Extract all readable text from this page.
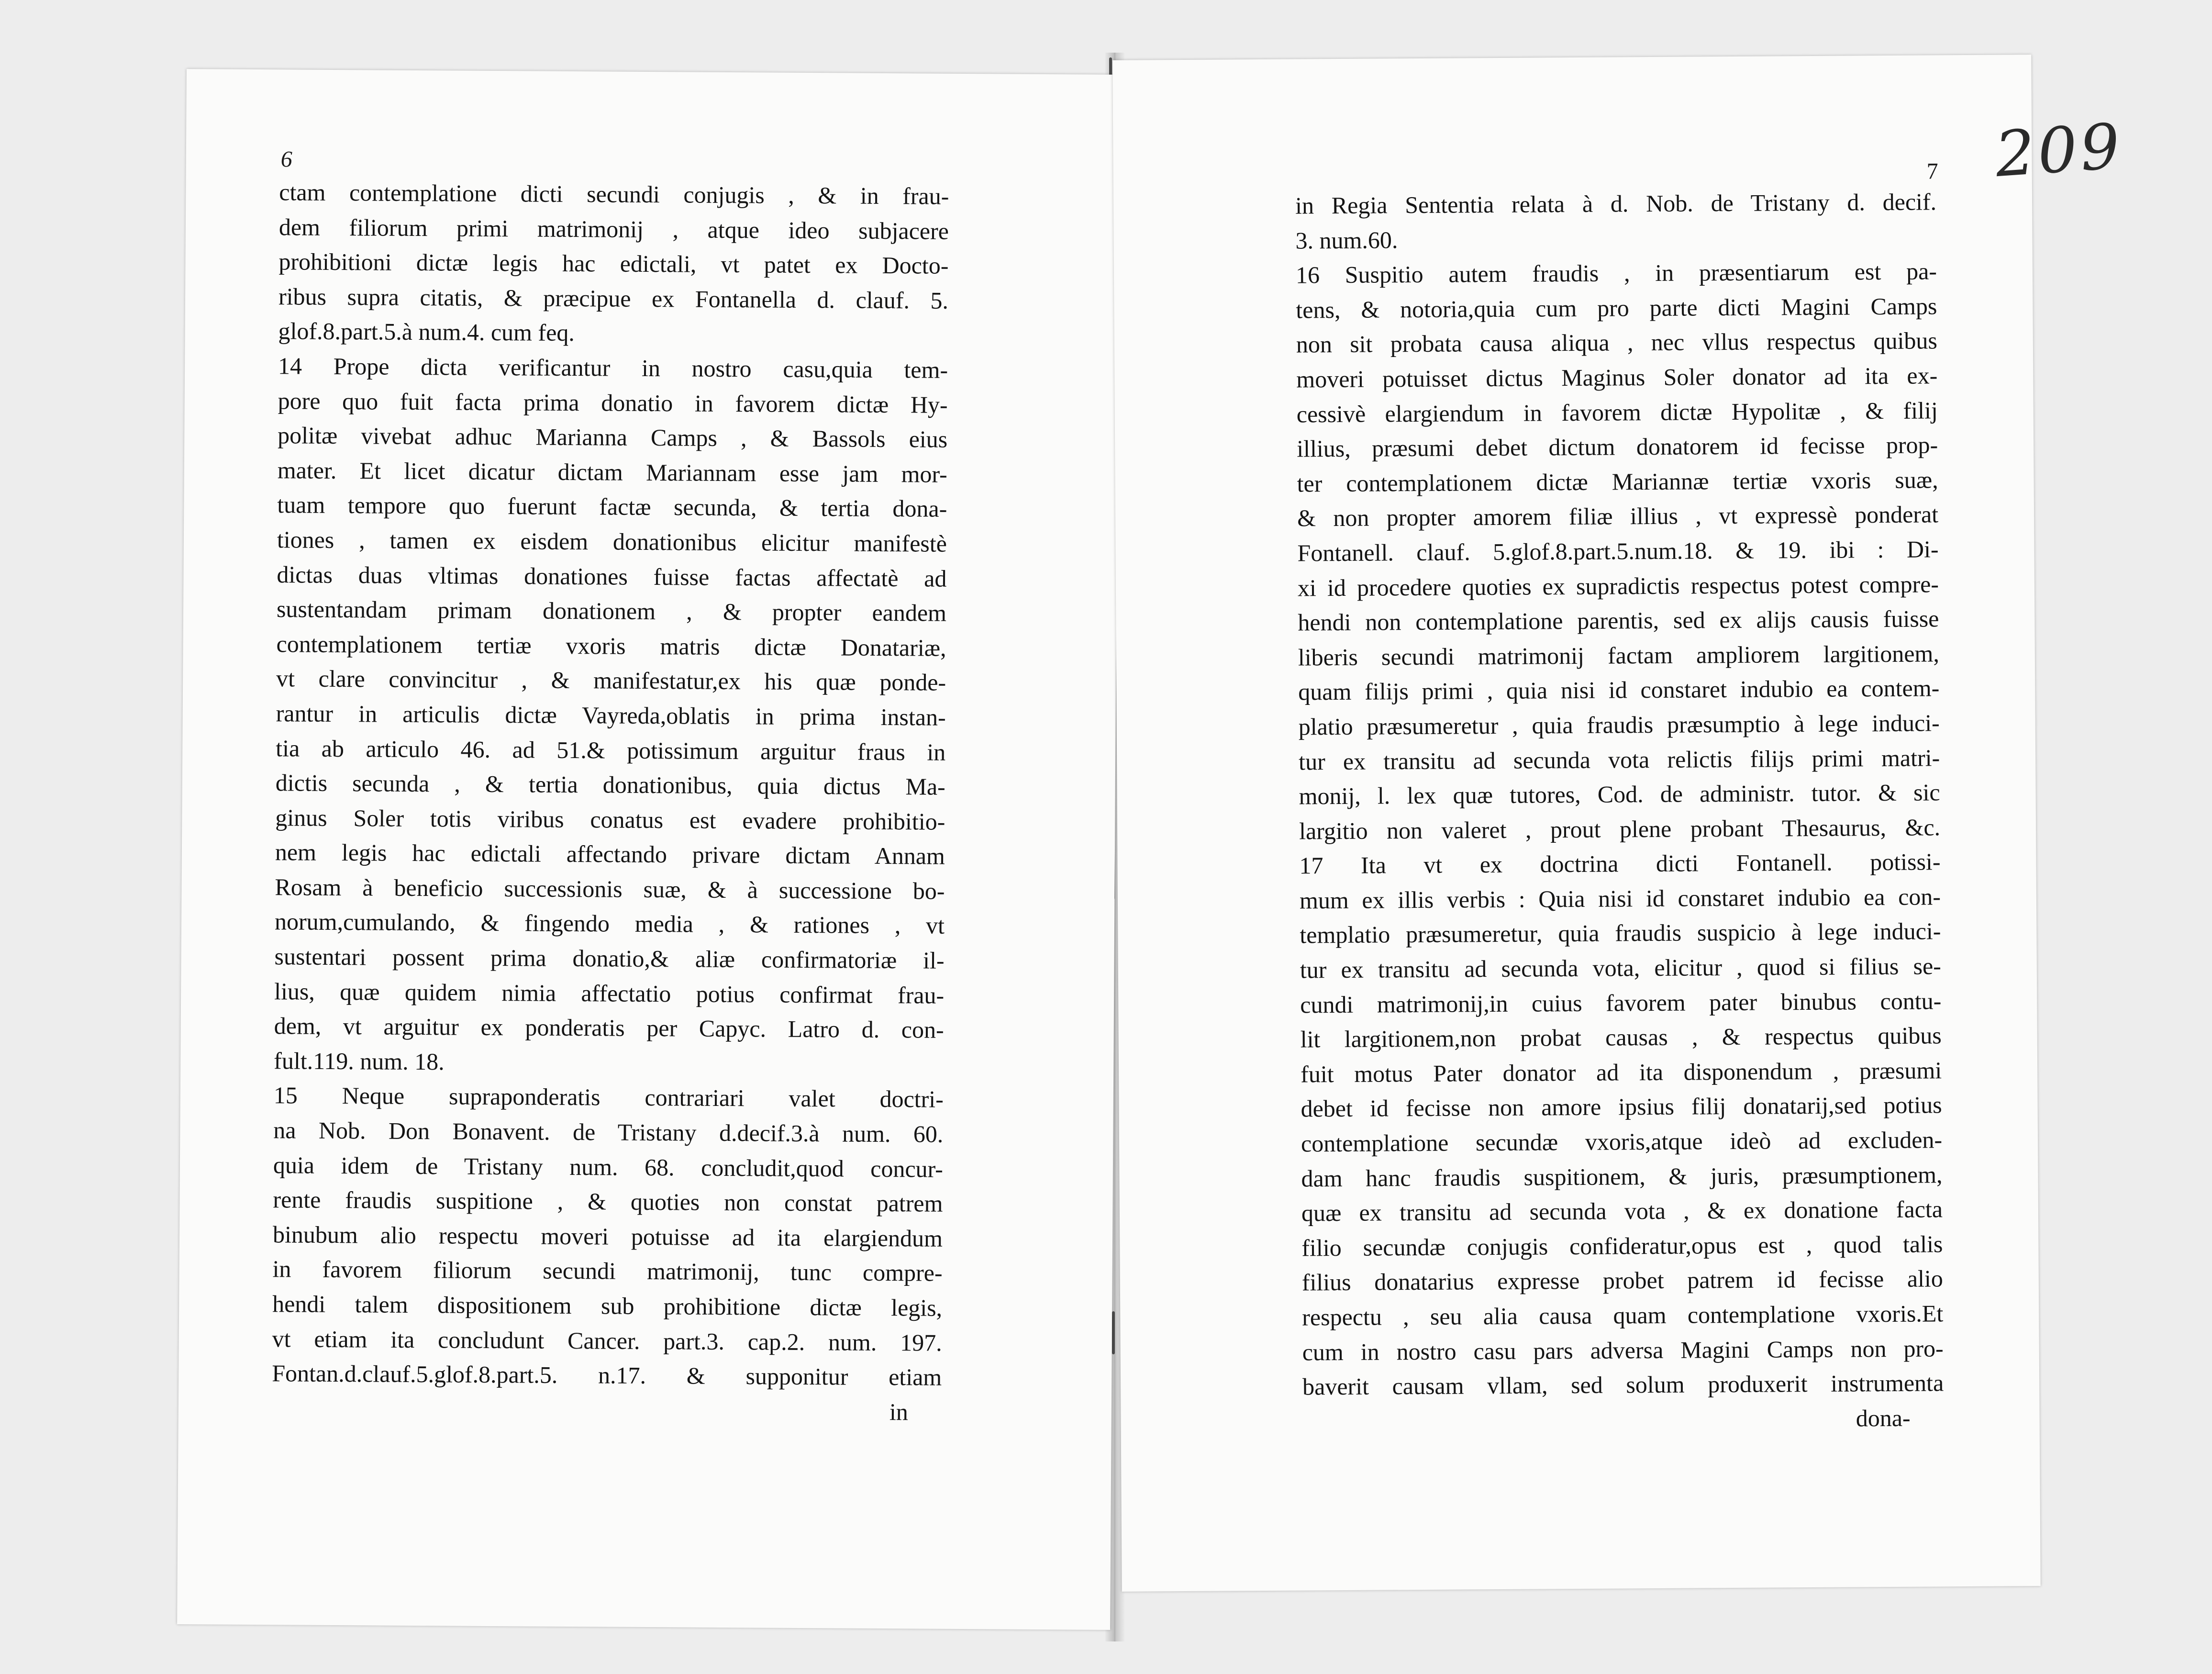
6
ctam contemplatione dicti secundi conjugis , & in frau-
dem filiorum primi matrimonij , atque ideo subjacere
prohibitioni dictæ legis hac edictali, vt patet ex Docto-
ribus supra citatis, & præcipue ex Fontanella d. clauf. 5.
glof.8.part.5.à num.4. cum feq.
14 Prope dicta verificantur in nostro casu,quia tem-
pore quo fuit facta prima donatio in favorem dictæ Hy-
politæ vivebat adhuc Marianna Camps , & Bassols eius
mater. Et licet dicatur dictam Mariannam esse jam mor-
tuam tempore quo fuerunt factæ secunda, & tertia dona-
tiones , tamen ex eisdem donationibus elicitur manifestè
dictas duas vltimas donationes fuisse factas affectatè ad
sustentandam primam donationem , & propter eandem
contemplationem tertiæ vxoris matris dictæ Donatariæ,
vt clare convincitur , & manifestatur,ex his quæ ponde-
rantur in articulis dictæ Vayreda,oblatis in prima instan-
tia ab articulo 46. ad 51.& potissimum arguitur fraus in
dictis secunda , & tertia donationibus, quia dictus Ma-
ginus Soler totis viribus conatus est evadere prohibitio-
nem legis hac edictali affectando privare dictam Annam
Rosam à beneficio successionis suæ, & à successione bo-
norum,cumulando, & fingendo media , & rationes , vt
sustentari possent prima donatio,& aliæ confirmatoriæ il-
lius, quæ quidem nimia affectatio potius confirmat frau-
dem, vt arguitur ex ponderatis per Capyc. Latro d. con-
fult.119. num. 18.
15 Neque supraponderatis contrariari valet doctri-
na Nob. Don Bonavent. de Tristany d.decif.3.à num. 60.
quia idem de Tristany num. 68. concludit,quod concur-
rente fraudis suspitione , & quoties non constat patrem
binubum alio respectu moveri potuisse ad ita elargiendum
in favorem filiorum secundi matrimonij, tunc compre-
hendi talem dispositionem sub prohibitione dictæ legis,
vt etiam ita concludunt Cancer. part.3. cap.2. num. 197.
Fontan.d.clauf.5.glof.8.part.5. n.17. & supponitur etiam
in
7
in Regia Sententia relata à d. Nob. de Tristany d. decif.
3. num.60.
16 Suspitio autem fraudis , in præsentiarum est pa-
tens, & notoria,quia cum pro parte dicti Magini Camps
non sit probata causa aliqua , nec vllus respectus quibus
moveri potuisset dictus Maginus Soler donator ad ita ex-
cessivè elargiendum in favorem dictæ Hypolitæ , & filij
illius, præsumi debet dictum donatorem id fecisse prop-
ter contemplationem dictæ Mariannæ tertiæ vxoris suæ,
& non propter amorem filiæ illius , vt expressè ponderat
Fontanell. clauf. 5.glof.8.part.5.num.18. & 19. ibi : Di-
xi id procedere quoties ex supradictis respectus potest compre-
hendi non contemplatione parentis, sed ex alijs causis fuisse
liberis secundi matrimonij factam ampliorem largitionem,
quam filijs primi , quia nisi id constaret indubio ea contem-
platio præsumeretur , quia fraudis præsumptio à lege induci-
tur ex transitu ad secunda vota relictis filijs primi matri-
monij, l. lex quæ tutores, Cod. de administr. tutor. & sic
largitio non valeret , prout plene probant Thesaurus, &c.
17 Ita vt ex doctrina dicti Fontanell. potissi-
mum ex illis verbis : Quia nisi id constaret indubio ea con-
templatio præsumeretur, quia fraudis suspicio à lege induci-
tur ex transitu ad secunda vota, elicitur , quod si filius se-
cundi matrimonij,in cuius favorem pater binubus contu-
lit largitionem,non probat causas , & respectus quibus
fuit motus Pater donator ad ita disponendum , præsumi
debet id fecisse non amore ipsius filij donatarij,sed potius
contemplatione secundæ vxoris,atque ideò ad excluden-
dam hanc fraudis suspitionem, & juris, præsumptionem,
quæ ex transitu ad secunda vota , & ex donatione facta
filio secundæ conjugis confideratur,opus est , quod talis
filius donatarius expresse probet patrem id fecisse alio
respectu , seu alia causa quam contemplatione vxoris.Et
cum in nostro casu pars adversa Magini Camps non pro-
baverit causam vllam, sed solum produxerit instrumenta
dona-
209
